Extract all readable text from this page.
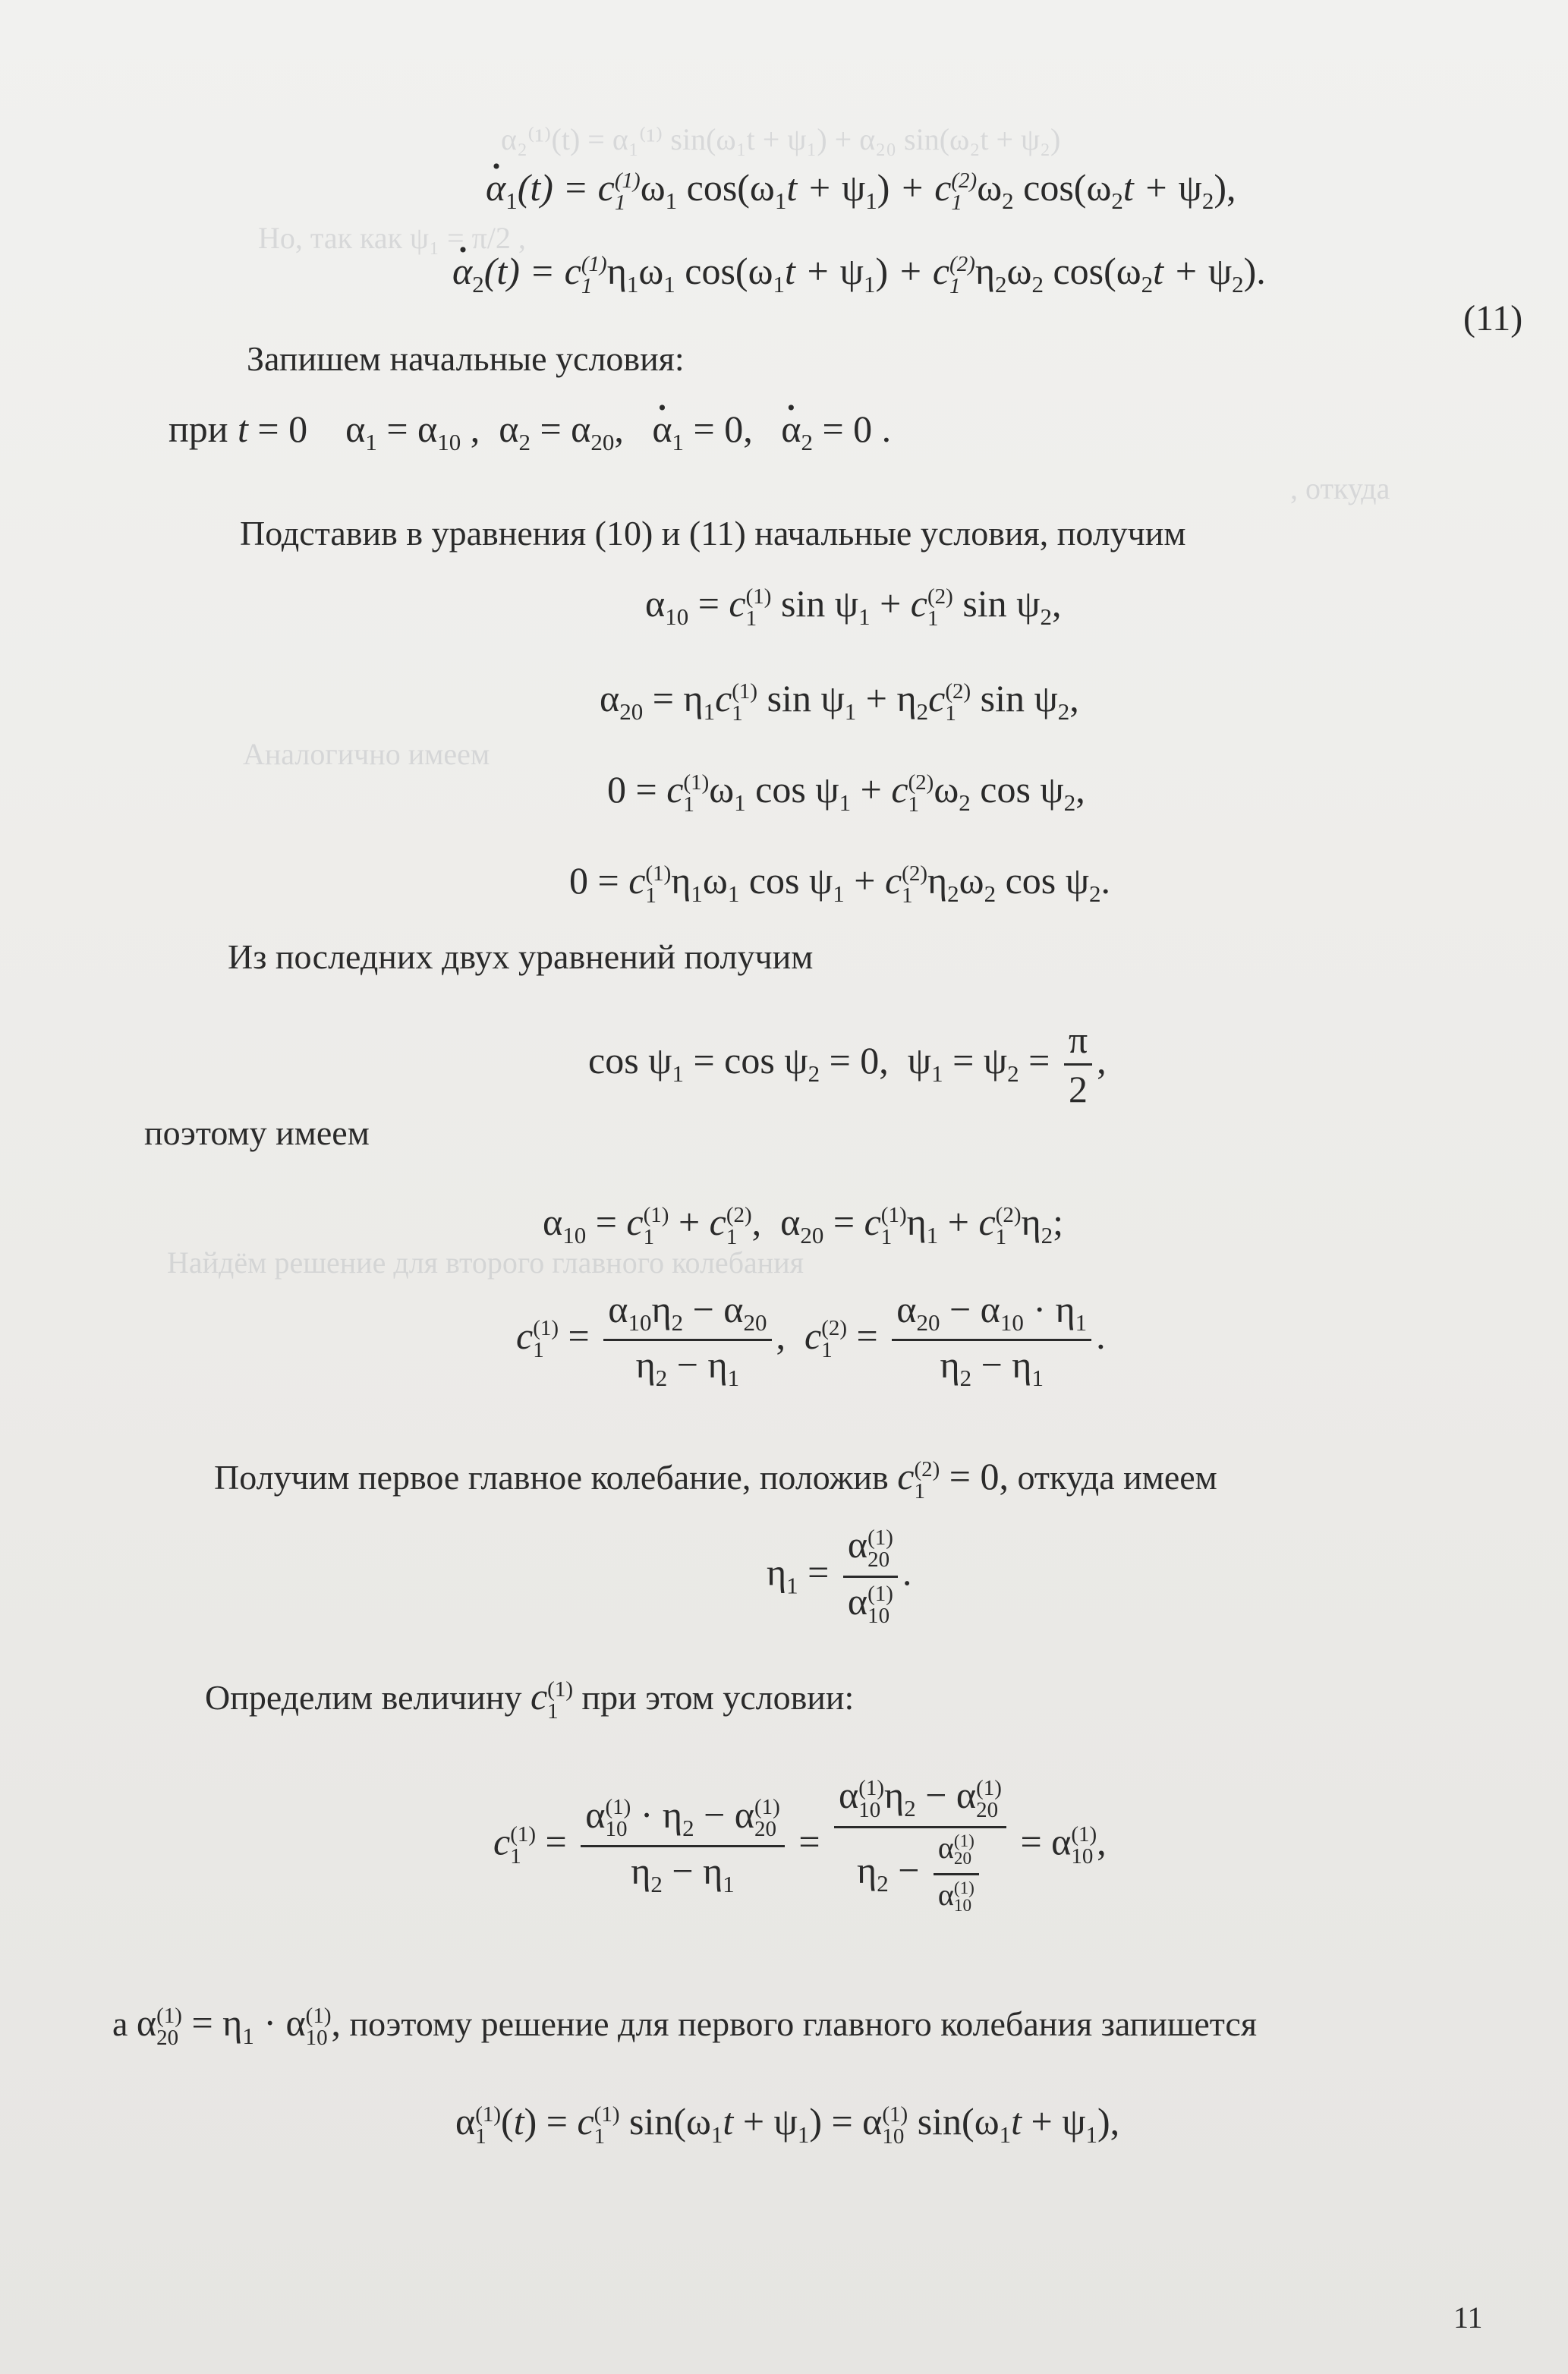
α₂⁽¹⁾(t) = α₁⁽¹⁾ sin(ω₁t + ψ₁) + α₂₀ sin(ω₂t + ψ₂)
Но, так как ψ₁ = π/2 ,
, откуда
Аналогично имеем
Найдём решение для второго главного колебания
· $\alpha_1(t) = c$ (1)
1 $\omega_1$ $\cos(\omega_1t + \psi_1) + c$ (2)
1 $\omega_2$ $\cos(\omega_2t + \psi_2)$,
· $\alpha_2(t) = c$ (1)
1 $\eta_1\omega_1$ $\cos(\omega_1t + \psi_1) + c$ (2)
1 $\eta_2\omega_2$ $\cos(\omega_2t + \psi_2)$.
(11)
Запишем начальные условия:
при t = 0    $\alpha_1 = \alpha_{10}$ ,  $\alpha_2 = \alpha_{20}$,   · $\alpha_1 = 0$,   · $\alpha_2 = 0$ .
Подставив в уравнения (10) и (11) начальные условия, получим
$\alpha_{10} = c$ (1)
1 $\sin \psi_1 + c$ (2)
1 $\sin \psi_2$,
$\alpha_{20} = \eta_1c$ (1)
1 $\sin \psi_1 + \eta_2c$ (2)
1 $\sin \psi_2$,
0 = c (1)
1 $\omega_1$ $\cos \psi_1 + c$ (2)
1 $\omega_2$ $\cos \psi_2$,
0 = c (1)
1 $\eta_1\omega_1$ $\cos \psi_1 + c$ (2)
1 $\eta_2\omega_2$ $\cos \psi_2$.
Из последних двух уравнений получим
$\cos \psi_1 = \cos \psi_2 = 0$,  $\psi_1 = \psi_2 = \frac{\pi}{2}$ ,
поэтому имеем
$\alpha_{10} = c$ (1)
1 + c (2)
1 ,  $\alpha_{20} = c$ (1)
1 $\eta_1 + c$ (2)
1 $\eta_2$;
c (1)
$1 = \frac{\alpha_{10}\eta_2 - \alpha_{20}}{\eta_2 - \eta_1}$ ,  c (2)
$1 = \frac{\alpha_{20} - \alpha_{10} \cdot \eta_1}{\eta_2 - \eta_1}$ .
Получим первое главное колебание, положив c (2)
1 = 0, откуда имеем
$\eta_1 = \alpha$ (1)
20
α (1)
10 .
Определим величину c (1)
1 при этом условии:
c (1)
1 = α (1)
$10 \cdot \eta_2 - \alpha$ (1)
20
$\eta_2 - \eta_1 = \alpha$ (1)
10 $\eta_2 - \alpha$ (1)
20
$\eta_2 - \alpha$ (1)
20
α (1)
10 = α (1)
10 ,
а α (1)
$20 = \eta_1 \cdot \alpha$ (1)
10 , поэтому решение для первого главного колебания запишется
α (1)
1 (t) = c (1)
1 $\sin(\omega_1t + \psi_1) = \alpha$ (1)
10 $\sin(\omega_1t + \psi_1)$,
11
